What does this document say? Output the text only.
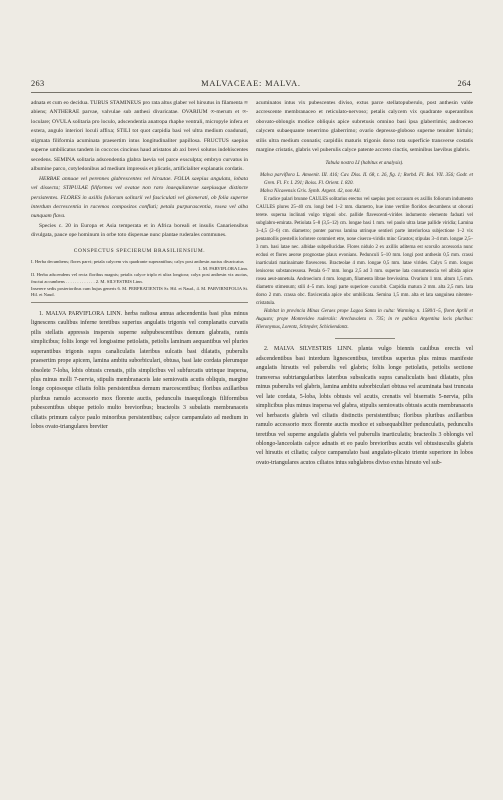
263	MALVACEAE: MALVA.	264

adnata et cum eo decidua. TUBUS STAMINEUS pro rata altus glaber vel hirsutus in filamenta ∞ abiens; ANTHERAE parvae, valvulae sub anthesi divaricatae. OVARIUM ∞-merum et ∞-loculare; OVULA solitaria pro loculo, adscendentia anatropa rhaphe ventrali, micropyle infera et extera, angulo interiori loculi affixa; STILI tot quot carpidia basi vel ultra medium coadunati, stigmata filiformia acuminata praesertim intus longitudinaliter papillosa. FRUCTUS saepius superne umbilicatus tandem in cocccos cincinus haud aristatos ab axi brevi solutos indehiscentes secedens. SEMINA solitaria adscendentia glabra laevia vel parce exsculpta; embryo curvatus in albumine parco, cotyledonibus ad medium impressis et plicatis, artificialiter explanatis cordatis.

HERBAE annuae vel perennes glabrescentes vel hirsutae. FOLIA saepius angulata, lobata vel dissecta; STIPULAE filiformes vel ovatae non raro inaequilaterae saepiusque distincte persistentes. FLORES in axillis foliorum solitarii vel fasciculati vel glomerati, ob folia superne interdum decrescentia in racemos compositos confluti; petala purpurascentia, rosea vel alba nunquam flava.

Species c. 20 in Europa et Asia temperata et in Africa boreali et insulis Canariensibus divulgata, pauce ope hominum in orbe toto dispersae nunc plantae ruderales communes.

CONSPECTUS SPECIERUM BRASILIENSIUM.
I. Herba decumbens; flores parvi; petala calycem vix quadrante superantibus; calyx post anthesin auctus divaricatus
1. M. PARVIFLORA Linn.
II. Herba adscendens vel recta floribus magnis; petalis calyce triplo et ultra longiora; calyx post anthesin vix auctus, fructui accumbens . . . . . . . . . . . . . 2. M. SILVESTRIS Linn.
Inserere sedis posterioribus cum hujus generis 6. M. PERFRATIENTIS Sr. Hil. et Naud., 4. M. PARVIRNIFOLIA St. Hil. et Naud.

1. MALVA PARVIFLORA LINN. herba radiosa annua adscendentia basi plus minus lignescens caulibus inferne teretibus superius angulatis trigonis vel complanatis curvatis pilis stellatis appressis inspersis superne subpubescentibus demum glabratis, ramis simplicibus; foliis longe vel longissime petiolatis, petiolis laminam aequantibus vel pluries superantibus trigonis supra canaliculatis lateribus sulcatis basi dilatatis, puberulis praesertim prope apicem, lamina ambitu suborbiculari, obtusa, basi late cordata plerumque obsolete 7-loba, lobis obtusis crenatis, pilis simplicibus vel subfurcatis utrinque inspersa, plus minus molli 7-nervia, stipulis membranaceis late semiovatis acutis obliquis, margine longe copiosoque ciliatis foliis persistentibus demum marcescentibus; floribus axillaribus pluribus ramulo accessorio mox florente auctis, pedunculis inaequilongis filiformibus pubescentibus ubique petiolo multo brevioribus; bracteolis 3 subulatis membranaceis ciliatis primum calyce paulo minoribus persistentibus; calyce campanulato ad medium in lobos ovato-triangulares breviter

acuminatos intus vix pubescentes diviso, extus parce stellatopuberulo, post anthesin valde accrescente membranaceo et reticulato-nervoso; petalis calycem vix quadrante superantibus obovato-oblongis modice obliquis apice subretusis omnino basi ipsa glaberrimis; androeceo calycem subaequante tenerrimo glaberrimo; ovario depresso-globoso superne tenuiter hirtulo; stilis ultra medium connatis; carpidiis maturis trigonis dorso tota superficie transverse costatis margine cristatis, glabris vel puberulis calyce patente accreto cinctis, seminibus laevibus glabris.

Tabula nostra LI (habitus et analysis).

Malva parviflora L. Amoenit. III. 416; Cav. Diss. II. 68, t. 26, fig. 1; Rorbd. Fl. Bol. VII. 356; Godr. et Gren. Fl. Fr. I. 291; Boiss. Fl. Orient. I. 820.

Malva Nicaeensis Gris. Symb. Argent. 42, non All.

E radice palari brunne CAULES solitarius erectus vel saepius post occasum ex axillis foliorum indumento CAULES plures 25–40 cm. longi bed 1–2 mm. diametro, hue inne vertiire floridos decumbens ut obovati terete. superna inclinati vulgo trigoni obc. pallide flavescenti-virides indumento elemento faduati vel subglabro-emirata. Petiolata 5–8 (3,5–12) cm. longae basi 1 mm. vel paulo ultra latae pallide viridia; Lamina 3–4,5 (2–6) cm. diametro; ponter parvus lamina utrinque sentieri parte interiorlosa subjectione 1–2 vix pentamollis prestellis lorlotere commiert etre, none ciserco-viridis minc Grastos; stipulas 3–4 mm. longae 2,5–3 mm. basi latae nec. albidae subpellucidae. Flores nidulo 2 ex axillis aditerna est scorsilo accessoria nunc ecdusi et flores aeorse prognostae plaux evonians. Pedunculi 5–10 mm. longi post anthesin 0,5 mm. crassi inarticulati matinaimate flavescens. Bracteolae 4 mm. longae 0,5 mm. latae virides. Calyx 5 mm. longus leniscens substancessosa. Petala 6–7 mm. longa 2,5 ad 3 mm. superne lata consumenscia vel albida apice rosea aeut-annetula. Androecium 4 mm. longum, filamenta librae brevissima. Ovarium 1 mm. altum 1,5 mm. diametro stimenum; stili 4–5 mm. longi parte superiore cucurbit. Carpidia matura 2 mm. alta 2,5 mm. lata dorso 2 mm. crassa obc. flaviceratia apice obc umbilicata. Semina 1,5 mm. alta et lata sanguinea nitentes-cristatula.

Habitat in provincia Minas Geraes prope Lagoa Santa in culta: Warming n. 1580/1–5, floret Aprili et Augusto; prope Montevideo ruderalis: Arechavaleta n. 735; in re publica Argentina locis pluribus: Hieronymus, Lorentz, Schnyder, Schickendantz.

2. MALVA SILVESTRIS LINN. planta vulgo biennis caulibus erectis vel adscendentibus basi interdum lignescentibus, teretibus superius plus minus manifeste angulatis hirsutis vel puberulis vel glabris; foliis longe petiolatis, petiolis sectione transversa subtriangularibus lateribus subsulcatis supra canaliculatis basi dilatatis, plus minus puberulis vel glabris, lamina ambitu suborbiculari obtusa vel acuminata basi truncata vel late cordata, 5-loba, lobis obtusis vel acutis, crenatis vel biserratis 5-nervia, pilis simplicibus plus minus inspersa vel glabra, stipulis semiovatis obtusis acutis membranaceis vel herbaceis glabris vel ciliatis distinctis persistentibus; floribus pluribus axillaribus ramulo accessorio mox florente auctis modice et subsequabiliter pedunculatis, pedunculis teretibus vel superne angulatis glabris vel puberulis inarticulatis; bracteolis 3 oblongis vel oblongo-lanceolatis calyce adnatis et eo paulo brevioribus acutis vel obtusiusculis glabris vel hirsutis et ciliatis; calyce campanulato basi angulato-plicato triente superiore in lobos ovato-triangulares acutos ciliatos intus subglabros diviso extus hirsuto vel sub-
